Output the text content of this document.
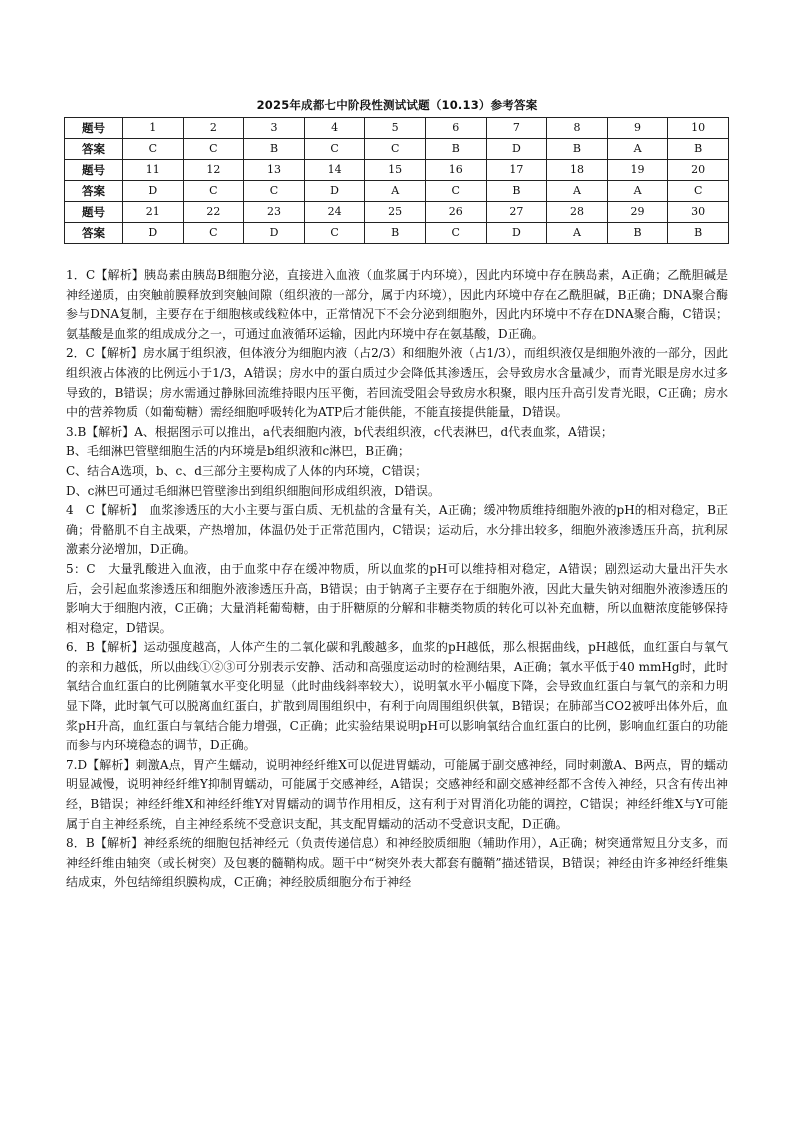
2025年成都七中阶段性测试试题（10.13）参考答案
题号	1	2	3	4	5	6	7	8	9	10
答案	C	C	B	C	C	B	D	B	A	B
题号	11	12	13	14	15	16	17	18	19	20
答案	D	C	C	D	A	C	B	A	A	C
题号	21	22	23	24	25	26	27	28	29	30
答案	D	C	D	C	B	C	D	A	B	B

1．C【解析】胰岛素由胰岛B细胞分泌，直接进入血液（血浆属于内环境），因此内环境中存在胰岛素，A正确；乙酰胆碱是神经递质，由突触前膜释放到突触间隙（组织液的一部分，属于内环境），因此内环境中存在乙酰胆碱，B正确；DNA聚合酶参与DNA复制，主要存在于细胞核或线粒体中，正常情况下不会分泌到细胞外，因此内环境中不存在DNA聚合酶，C错误；氨基酸是血浆的组成成分之一，可通过血液循环运输，因此内环境中存在氨基酸，D正确。

2．C【解析】房水属于组织液，但体液分为细胞内液（占2/3）和细胞外液（占1/3），而组织液仅是细胞外液的一部分，因此组织液占体液的比例远小于1/3，A错误；房水中的蛋白质过少会降低其渗透压，会导致房水含量减少，而青光眼是房水过多导致的，B错误；房水需通过静脉回流维持眼内压平衡，若回流受阻会导致房水积聚，眼内压升高引发青光眼，C正确；房水中的营养物质（如葡萄糖）需经细胞呼吸转化为ATP后才能供能，不能直接提供能量，D错误。

3.B【解析】A、根据图示可以推出，a代表细胞内液，b代表组织液，c代表淋巴，d代表血浆，A错误；

B、毛细淋巴管壁细胞生活的内环境是b组织液和c淋巴，B正确；

C、结合A选项，b、c、d三部分主要构成了人体的内环境，C错误；

D、c淋巴可通过毛细淋巴管壁渗出到组织细胞间形成组织液，D错误。

4　C【解析】　血浆渗透压的大小主要与蛋白质、无机盐的含量有关，A正确；缓冲物质维持细胞外液的pH的相对稳定，B正确；骨骼肌不自主战栗，产热增加，体温仍处于正常范围内，C错误；运动后，水分排出较多，细胞外液渗透压升高，抗利尿激素分泌增加，D正确。

5：C　大量乳酸进入血液，由于血浆中存在缓冲物质，所以血浆的pH可以维持相对稳定，A错误；剧烈运动大量出汗失水后，会引起血浆渗透压和细胞外液渗透压升高，B错误；由于钠离子主要存在于细胞外液，因此大量失钠对细胞外液渗透压的影响大于细胞内液，C正确；大量消耗葡萄糖，由于肝糖原的分解和非糖类物质的转化可以补充血糖，所以血糖浓度能够保持相对稳定，D错误。

6．B【解析】运动强度越高，人体产生的二氧化碳和乳酸越多，血浆的pH越低，那么根据曲线，pH越低，血红蛋白与氧气的亲和力越低，所以曲线①②③可分别表示安静、活动和高强度运动时的检测结果，A正确；氧水平低于40 mmHg时，此时氧结合血红蛋白的比例随氧水平变化明显（此时曲线斜率较大），说明氧水平小幅度下降，会导致血红蛋白与氧气的亲和力明显下降，此时氧气可以脱离血红蛋白，扩散到周围组织中，有利于向周围组织供氧，B错误；在肺部当CO2被呼出体外后，血浆pH升高，血红蛋白与氧结合能力增强，C正确；此实验结果说明pH可以影响氧结合血红蛋白的比例，影响血红蛋白的功能而参与内环境稳态的调节，D正确。

7.D【解析】刺激A点，胃产生蠕动，说明神经纤维X可以促进胃蠕动，可能属于副交感神经，同时刺激A、B两点，胃的蠕动明显减慢，说明神经纤维Y抑制胃蠕动，可能属于交感神经，A错误；交感神经和副交感神经都不含传入神经，只含有传出神经，B错误；神经纤维X和神经纤维Y对胃蠕动的调节作用相反，这有利于对胃消化功能的调控，C错误；神经纤维X与Y可能属于自主神经系统，自主神经系统不受意识支配，其支配胃蠕动的活动不受意识支配，D正确。

8．B【解析】神经系统的细胞包括神经元（负责传递信息）和神经胶质细胞（辅助作用），A正确；树突通常短且分支多，而神经纤维由轴突（或长树突）及包裹的髓鞘构成。题干中“树突外表大都套有髓鞘”描述错误，B错误；神经由许多神经纤维集结成束，外包结缔组织膜构成，C正确；神经胶质细胞分布于神经
